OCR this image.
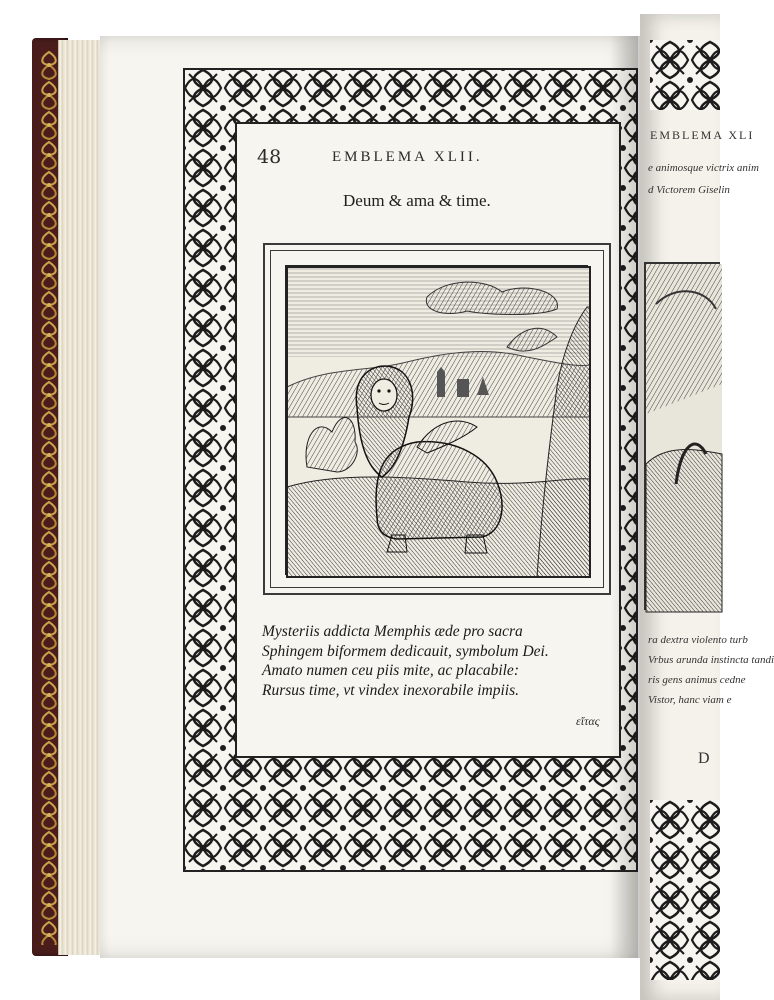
48	EMBLEMA XLII.
Deum & ama & time.
Mysteriis addicta Memphis æde pro sacra
Sphingem biformem dedicauit, symbolum Dei.
Amato numen ceu piis mite, ac placabile:
Rursus time, vt vindex inexorabile impiis.
εἴτας
EMBLEMA XLI
e animosque victrix anim
d Victorem Giselin
ra dextra violento turb
Vrbus arunda instincta tandi
ris gens animus cedne
Vistor, hanc viam e
D
